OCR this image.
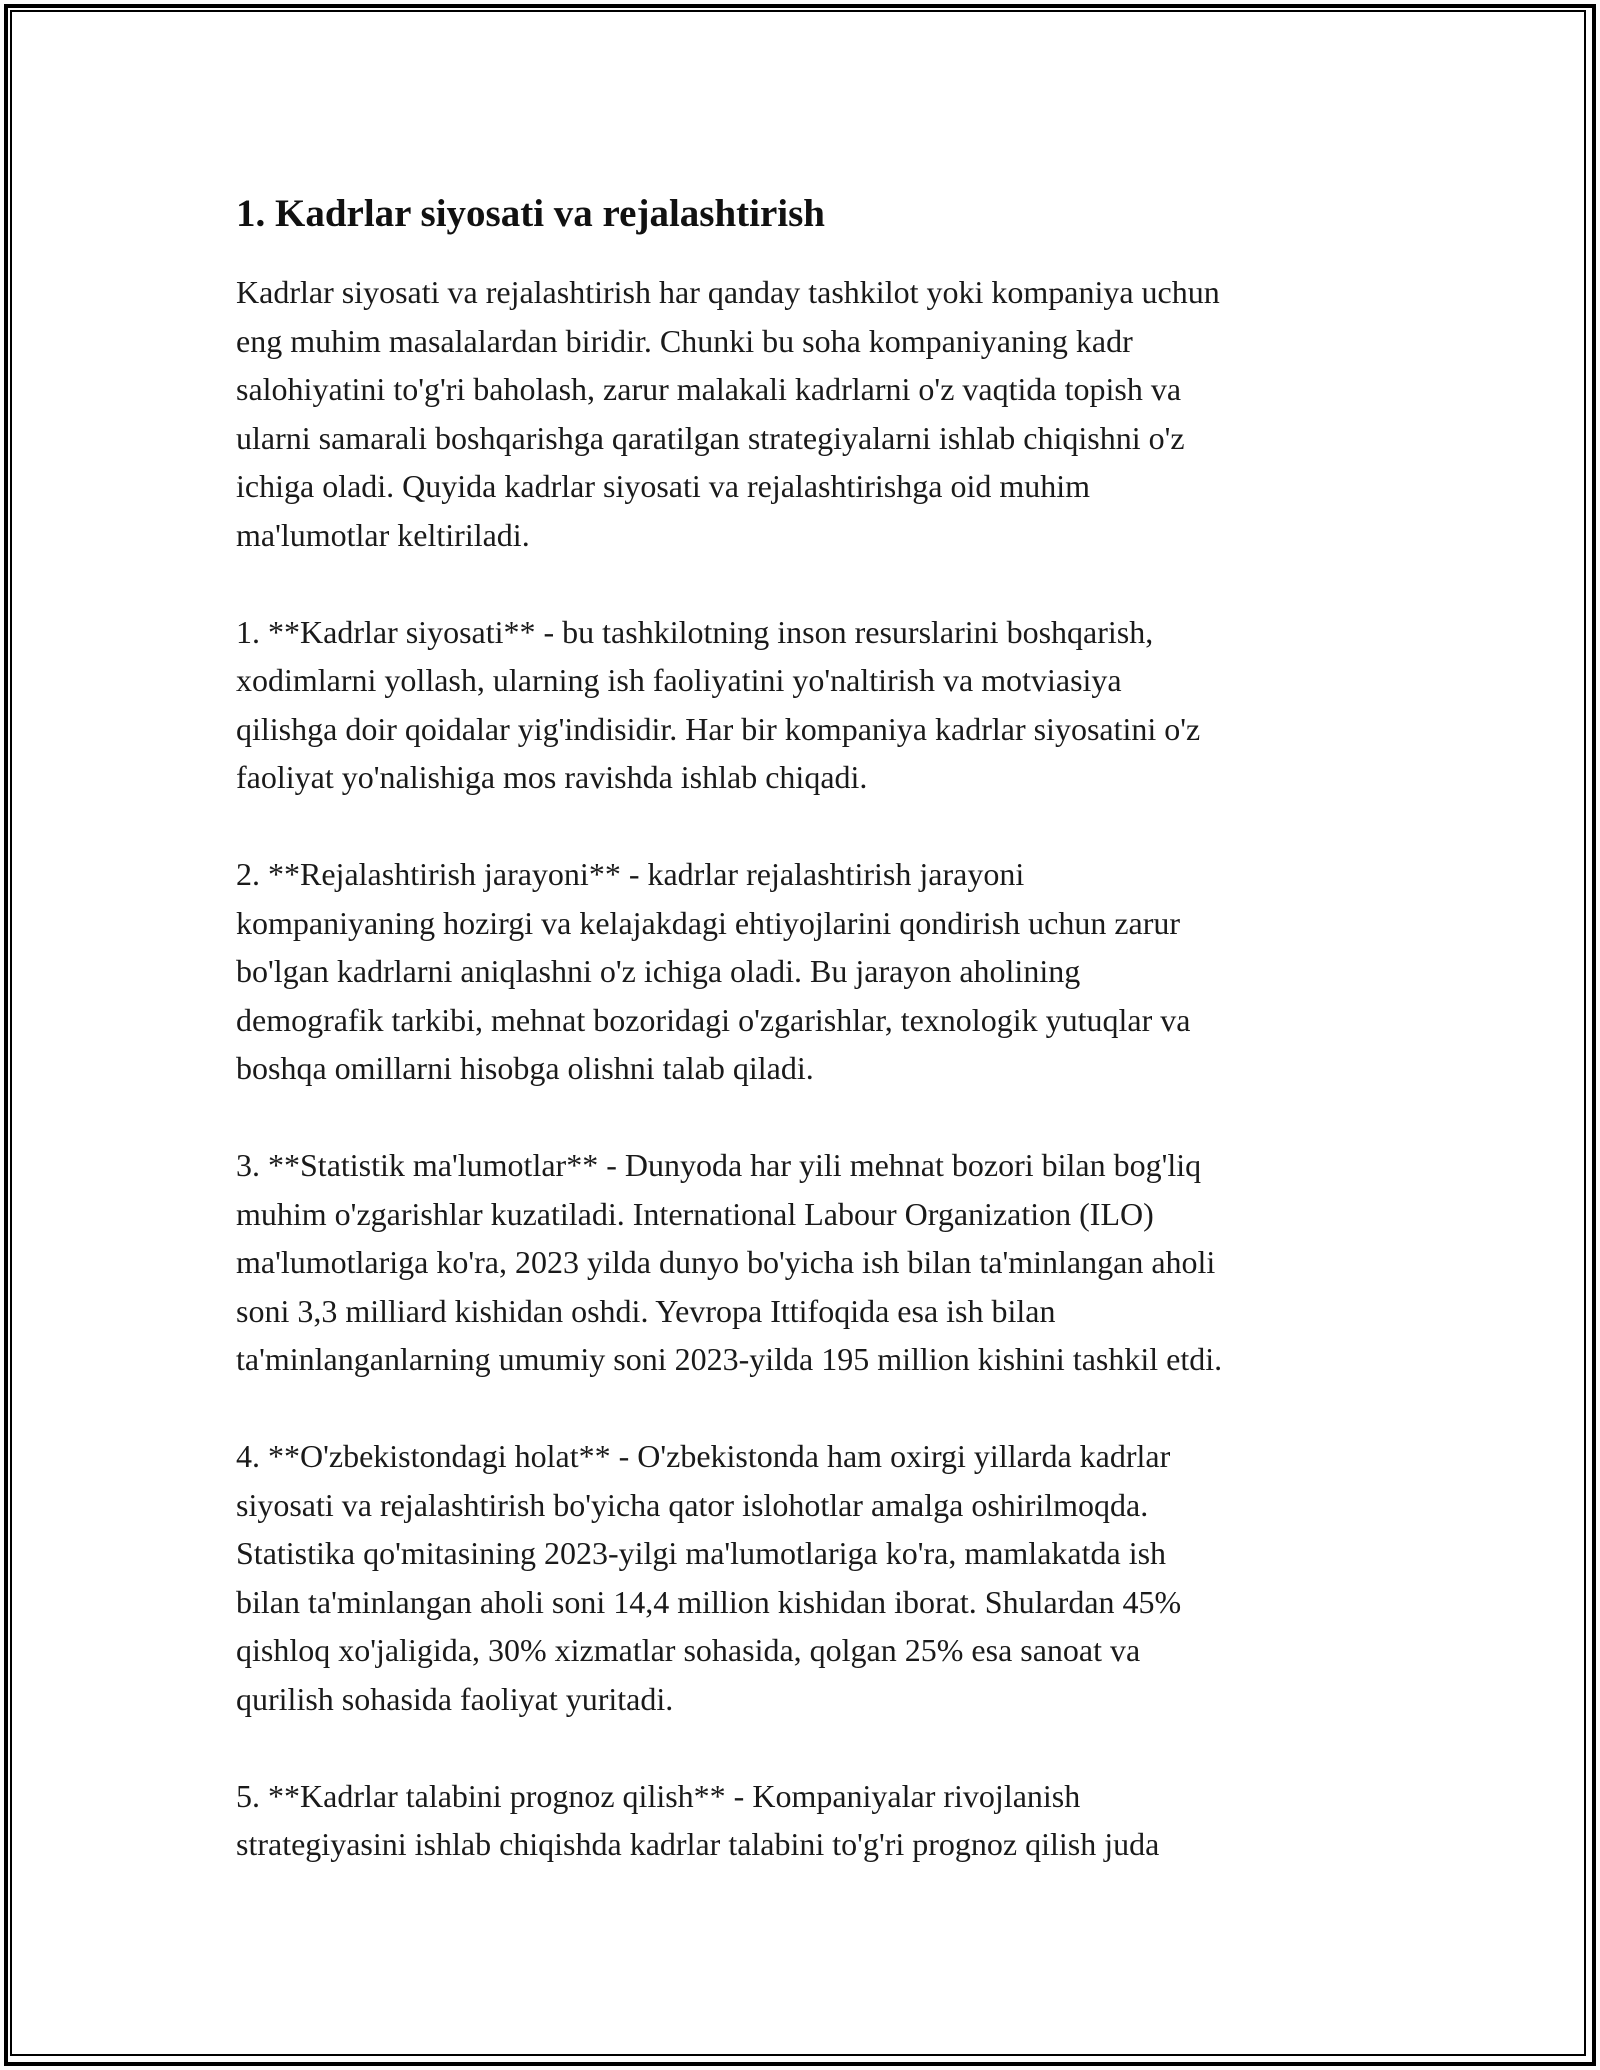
1. Kadrlar siyosati va rejalashtirish

Kadrlar siyosati va rejalashtirish har qanday tashkilot yoki kompaniya uchun
eng muhim masalalardan biridir. Chunki bu soha kompaniyaning kadr
salohiyatini to'g'ri baholash, zarur malakali kadrlarni o'z vaqtida topish va
ularni samarali boshqarishga qaratilgan strategiyalarni ishlab chiqishni o'z
ichiga oladi. Quyida kadrlar siyosati va rejalashtirishga oid muhim
ma'lumotlar keltiriladi.

1. **Kadrlar siyosati** - bu tashkilotning inson resurslarini boshqarish,
xodimlarni yollash, ularning ish faoliyatini yo'naltirish va motviasiya
qilishga doir qoidalar yig'indisidir. Har bir kompaniya kadrlar siyosatini o'z
faoliyat yo'nalishiga mos ravishda ishlab chiqadi.

2. **Rejalashtirish jarayoni** - kadrlar rejalashtirish jarayoni
kompaniyaning hozirgi va kelajakdagi ehtiyojlarini qondirish uchun zarur
bo'lgan kadrlarni aniqlashni o'z ichiga oladi. Bu jarayon aholining
demografik tarkibi, mehnat bozoridagi o'zgarishlar, texnologik yutuqlar va
boshqa omillarni hisobga olishni talab qiladi.

3. **Statistik ma'lumotlar** - Dunyoda har yili mehnat bozori bilan bog'liq
muhim o'zgarishlar kuzatiladi. International Labour Organization (ILO)
ma'lumotlariga ko'ra, 2023 yilda dunyo bo'yicha ish bilan ta'minlangan aholi
soni 3,3 milliard kishidan oshdi. Yevropa Ittifoqida esa ish bilan
ta'minlanganlarning umumiy soni 2023-yilda 195 million kishini tashkil etdi.

4. **O'zbekistondagi holat** - O'zbekistonda ham oxirgi yillarda kadrlar
siyosati va rejalashtirish bo'yicha qator islohotlar amalga oshirilmoqda.
Statistika qo'mitasining 2023-yilgi ma'lumotlariga ko'ra, mamlakatda ish
bilan ta'minlangan aholi soni 14,4 million kishidan iborat. Shulardan 45%
qishloq xo'jaligida, 30% xizmatlar sohasida, qolgan 25% esa sanoat va
qurilish sohasida faoliyat yuritadi.

5. **Kadrlar talabini prognoz qilish** - Kompaniyalar rivojlanish
strategiyasini ishlab chiqishda kadrlar talabini to'g'ri prognoz qilish juda
